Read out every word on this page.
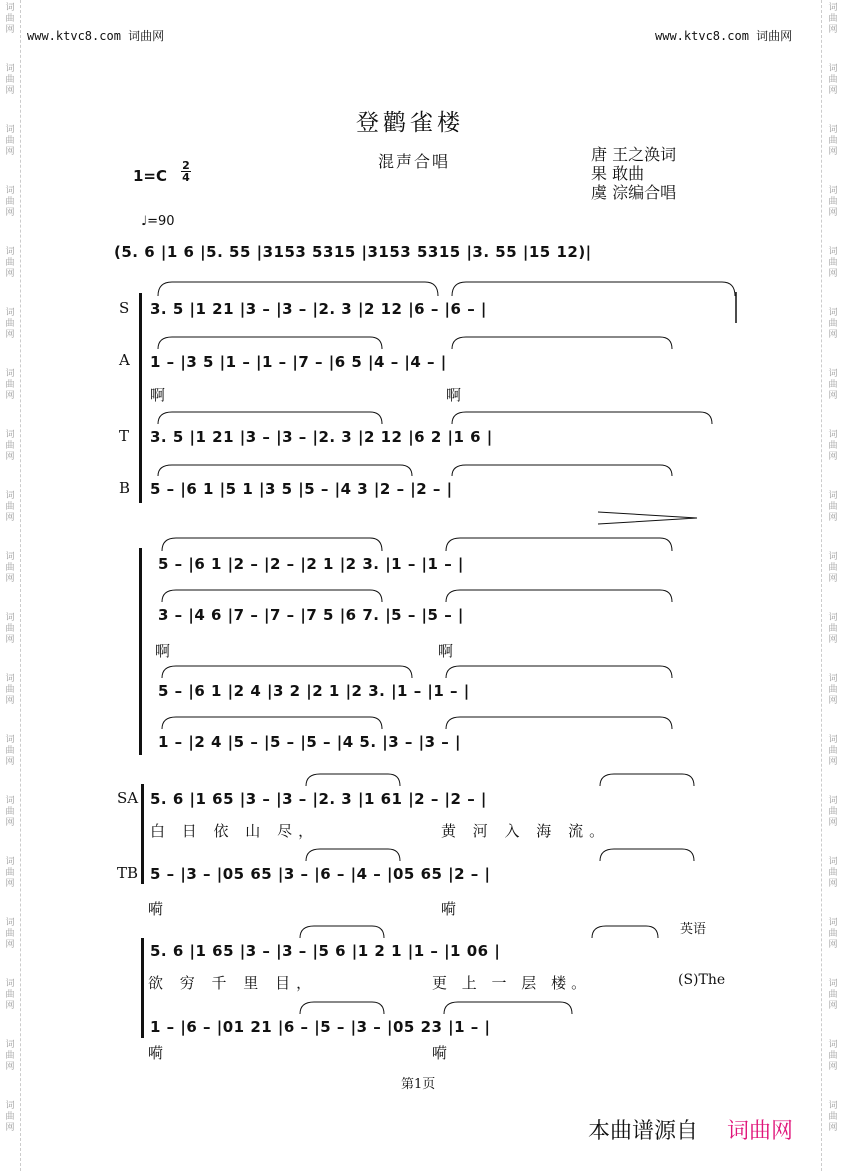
词
曲
网
词
曲
网
词
曲
网
词
曲
网
词
曲
网
词
曲
网
词
曲
网
词
曲
网
词
曲
网
词
曲
网
词
曲
网
词
曲
网
词
曲
网
词
曲
网
词
曲
网
词
曲
网
词
曲
网
词
曲
网
词
曲
网
词
曲
网
词
曲
网
词
曲
网
词
曲
网
词
曲
网
词
曲
网
词
曲
网
词
曲
网
词
曲
网
词
曲
网
词
曲
网
词
曲
网
词
曲
网
词
曲
网
词
曲
网
词
曲
网
词
曲
网
词
曲
网
词
曲
网
www.ktvc8.com 词曲网	www.ktvc8.com 词曲网
登鹳雀楼
混声合唱	唐 王之涣词
果 敢曲
虞 淙编合唱
1=C
2
4
♩=90
(5. 6 |1 6 |5. 55 |3153 5315 |3153 5315 |3. 55 |15 12)|
S
A
T
B
3. 5 |1 21 |3 – |3 – |2. 3 |2 12 |6 – |6 – |
1 – |3 5 |1 – |1 – |7 – |6 5 |4 – |4 – |
啊	啊
3. 5 |1 21 |3 – |3 – |2. 3 |2 12 |6 2 |1 6 |
5 – |6 1 |5 1 |3 5 |5 – |4 3 |2 – |2 – |
5 – |6 1 |2 – |2 – |2 1 |2 3. |1 – |1 – |
3 – |4 6 |7 – |7 – |7 5 |6 7. |5 – |5 – |
啊	啊
5 – |6 1 |2 4 |3 2 |2 1 |2 3. |1 – |1 – |
1 – |2 4 |5 – |5 – |5 – |4 5. |3 – |3 – |
SA
TB
5. 6 |1 65 |3 – |3 – |2. 3 |1 61 |2 – |2 – |
白 日 依 山 尽，	黄 河 入 海 流。
5 – |3 – |05 65 |3 – |6 – |4 – |05 65 |2 – |
嗬	嗬
英语
5. 6 |1 65 |3 – |3 – |5 6 |1 2 1 |1 – |1 06 |
欲 穷 千 里 目，	更 上 一 层 楼。	(S)The
1 – |6 – |01 21 |6 – |5 – |3 – |05 23 |1 – |
嗬	嗬
第1页
本曲谱源自 词曲网
